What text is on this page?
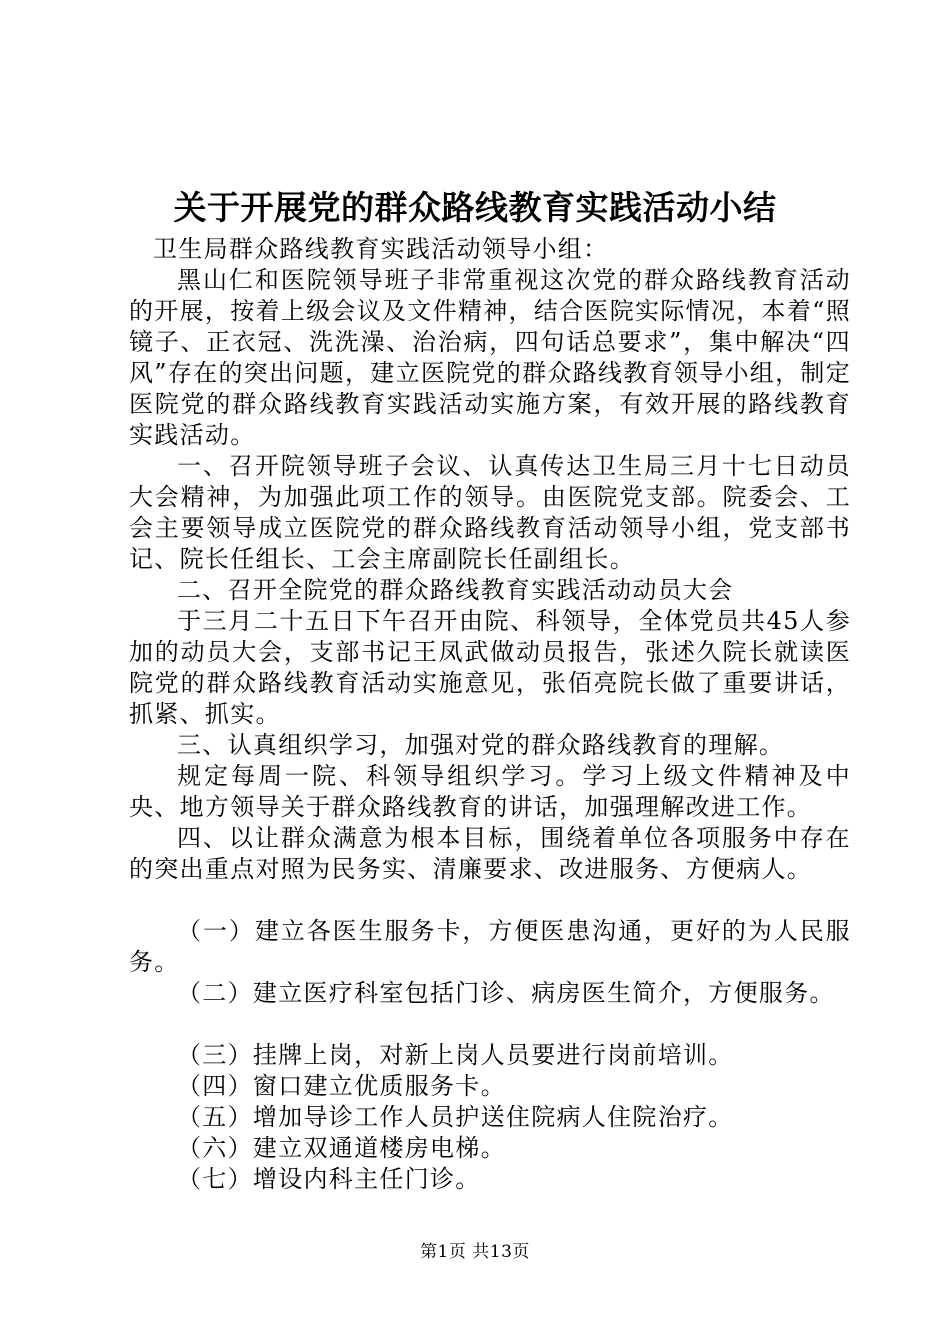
关于开展党的群众路线教育实践活动小结

卫生局群众路线教育实践活动领导小组：

黑山仁和医院领导班子非常重视这次党的群众路线教育活动的开展，按着上级会议及文件精神，结合医院实际情况，本着“照镜子、正衣冠、洗洗澡、治治病，四句话总要求”，集中解决“四风”存在的突出问题，建立医院党的群众路线教育领导小组，制定医院党的群众路线教育实践活动实施方案，有效开展的路线教育实践活动。

一、召开院领导班子会议、认真传达卫生局三月十七日动员大会精神，为加强此项工作的领导。由医院党支部。院委会、工会主要领导成立医院党的群众路线教育活动领导小组，党支部书记、院长任组长、工会主席副院长任副组长。

二、召开全院党的群众路线教育实践活动动员大会

于三月二十五日下午召开由院、科领导，全体党员共45人参加的动员大会，支部书记王凤武做动员报告，张述久院长就读医院党的群众路线教育活动实施意见，张佰亮院长做了重要讲话，抓紧、抓实。

三、认真组织学习，加强对党的群众路线教育的理解。

规定每周一院、科领导组织学习。学习上级文件精神及中央、地方领导关于群众路线教育的讲话，加强理解改进工作。

四、以让群众满意为根本目标，围绕着单位各项服务中存在的突出重点对照为民务实、清廉要求、改进服务、方便病人。

（一）建立各医生服务卡，方便医患沟通，更好的为人民服务。

（二）建立医疗科室包括门诊、病房医生简介，方便服务。

（三）挂牌上岗，对新上岗人员要进行岗前培训。

（四）窗口建立优质服务卡。

（五）增加导诊工作人员护送住院病人住院治疗。

（六）建立双通道楼房电梯。

（七）增设内科主任门诊。

第1页 共13页
